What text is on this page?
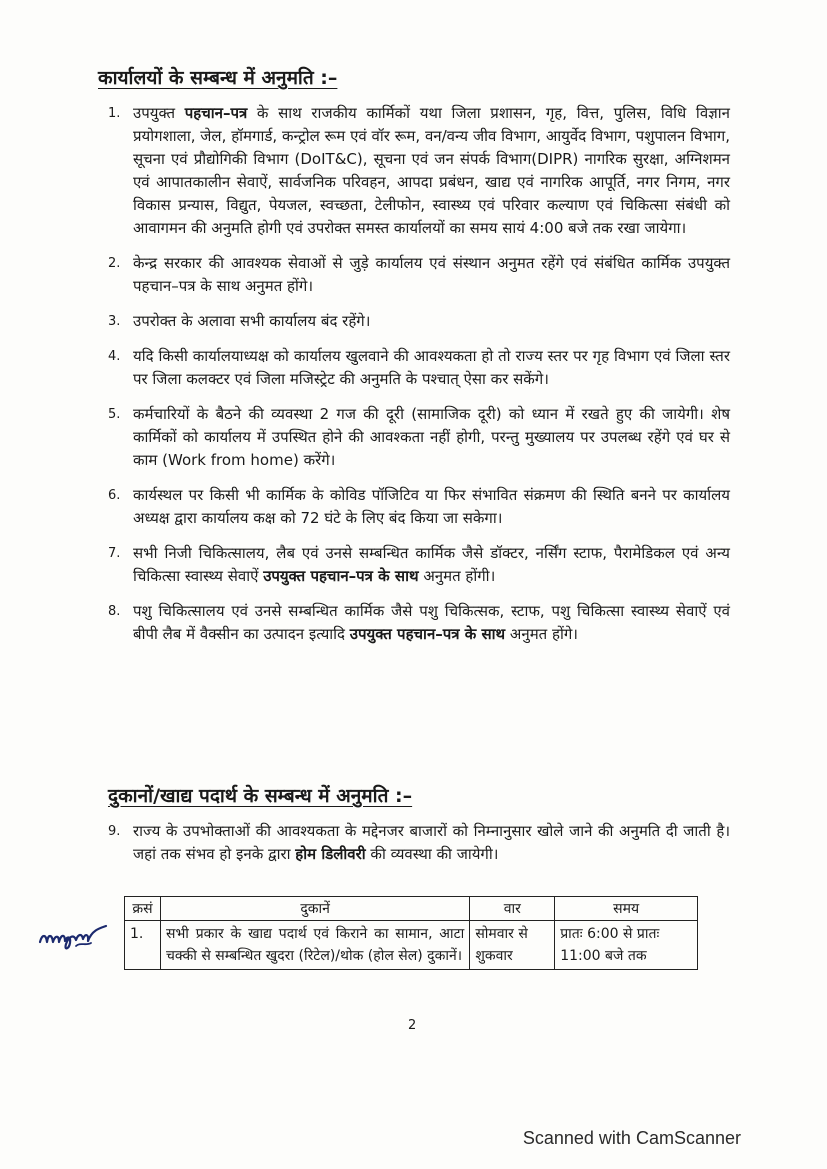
कार्यालयों के सम्बन्ध में अनुमति :–
1. उपयुक्त पहचान–पत्र के साथ राजकीय कार्मिकों यथा जिला प्रशासन, गृह, वित्त, पुलिस, विधि विज्ञान प्रयोगशाला, जेल, हॉमगार्ड, कन्ट्रोल रूम एवं वॉर रूम, वन/वन्य जीव विभाग, आयुर्वेद विभाग, पशुपालन विभाग, सूचना एवं प्रौद्योगिकी विभाग (DoIT&C), सूचना एवं जन संपर्क विभाग(DIPR) नागरिक सुरक्षा, अग्निशमन एवं आपातकालीन सेवाऐं, सार्वजनिक परिवहन, आपदा प्रबंधन, खाद्य एवं नागरिक आपूर्ति, नगर निगम, नगर विकास प्रन्यास, विद्युत, पेयजल, स्वच्छता, टेलीफोन, स्वास्थ्य एवं परिवार कल्याण एवं चिकित्सा संबंधी को आवागमन की अनुमति होगी एवं उपरोक्त समस्त कार्यालयों का समय सायं 4:00 बजे तक रखा जायेगा।
2. केन्द्र सरकार की आवश्यक सेवाओं से जुड़े कार्यालय एवं संस्थान अनुमत रहेंगे एवं संबंधित कार्मिक उपयुक्त पहचान–पत्र के साथ अनुमत होंगे।
3. उपरोक्त के अलावा सभी कार्यालय बंद रहेंगे।
4. यदि किसी कार्यालयाध्यक्ष को कार्यालय खुलवाने की आवश्यकता हो तो राज्य स्तर पर गृह विभाग एवं जिला स्तर पर जिला कलक्टर एवं जिला मजिस्ट्रेट की अनुमति के पश्चात् ऐसा कर सकेंगे।
5. कर्मचारियों के बैठने की व्यवस्था 2 गज की दूरी (सामाजिक दूरी) को ध्यान में रखते हुए की जायेगी। शेष कार्मिकों को कार्यालय में उपस्थित होने की आवश्कता नहीं होगी, परन्तु मुख्यालय पर उपलब्ध रहेंगे एवं घर से काम (Work from home) करेंगे।
6. कार्यस्थल पर किसी भी कार्मिक के कोविड पॉजिटिव या फिर संभावित संक्रमण की स्थिति बनने पर कार्यालय अध्यक्ष द्वारा कार्यालय कक्ष को 72 घंटे के लिए बंद किया जा सकेगा।
7. सभी निजी चिकित्सालय, लैब एवं उनसे सम्बन्धित कार्मिक जैसे डॉक्टर, नर्सिंग स्टाफ, पैरामेडिकल एवं अन्य चिकित्सा स्वास्थ्य सेवाऐं उपयुक्त पहचान–पत्र के साथ अनुमत होंगी।
8. पशु चिकित्सालय एवं उनसे सम्बन्धित कार्मिक जैसे पशु चिकित्सक, स्टाफ, पशु चिकित्सा स्वास्थ्य सेवाऐं एवं बीपी लैब में वैक्सीन का उत्पादन इत्यादि उपयुक्त पहचान–पत्र के साथ अनुमत होंगे।
दुकानों/खाद्य पदार्थ के सम्बन्ध में अनुमति :–

9. राज्य के उपभोक्ताओं की आवश्यकता के मद्देनजर बाजारों को निम्नानुसार खोले जाने की अनुमति दी जाती है। जहां तक संभव हो इनके द्वारा होम डिलीवरी की व्यवस्था की जायेगी।

क्रसं	दुकानें	वार	समय
1.	सभी प्रकार के खाद्य पदार्थ एवं किराने का सामान, आटा चक्की से सम्बन्धित खुदरा (रिटेल)/थोक (होल सेल) दुकानें।	सोमवार से शुकवार	प्रातः 6:00 से प्रातः 11:00 बजे तक
2
Scanned with CamScanner
